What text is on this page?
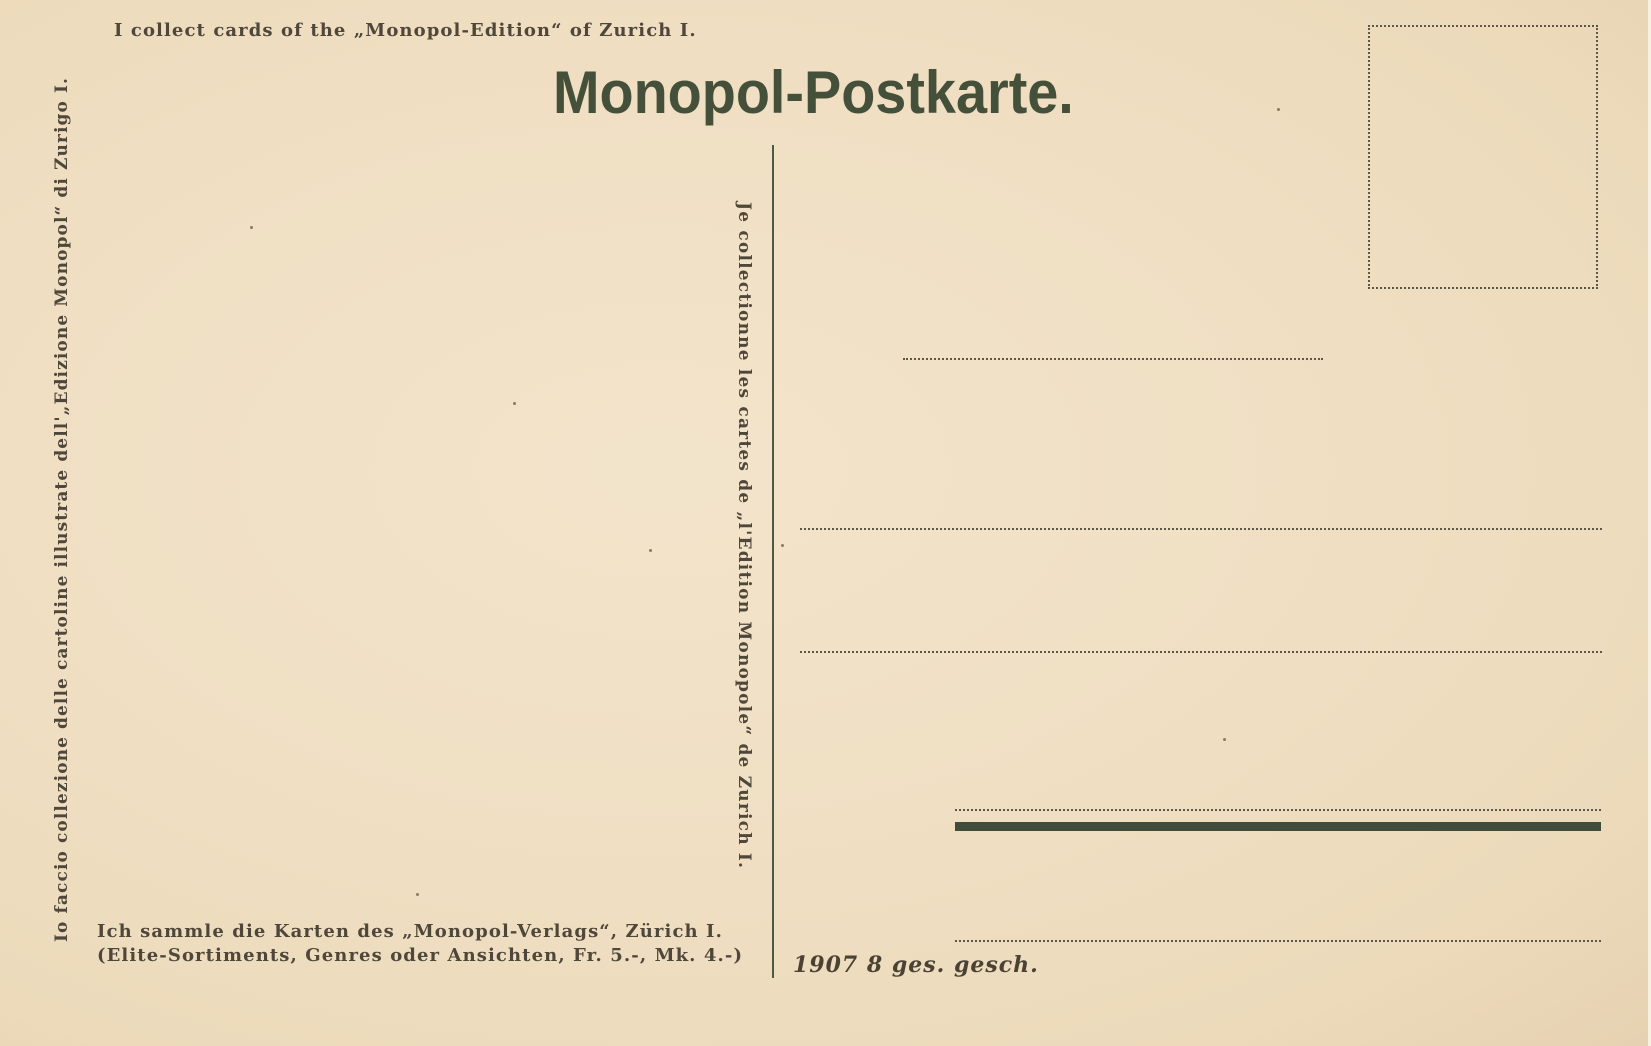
I collect cards of the „Monopol-Edition“ of Zurich I.
Monopol-Postkarte.
Io faccio collezione delle cartoline illustrate dell'„Edizione Monopol“ di Zurigo I.	Je collectionne les cartes de „l'Edition Monopole“ de Zurich I.
Ich sammle die Karten des „Monopol-Verlags“, Zürich I.
(Elite-Sortiments, Genres oder Ansichten, Fr. 5.-, Mk. 4.-) 1907 8 ges. gesch.
